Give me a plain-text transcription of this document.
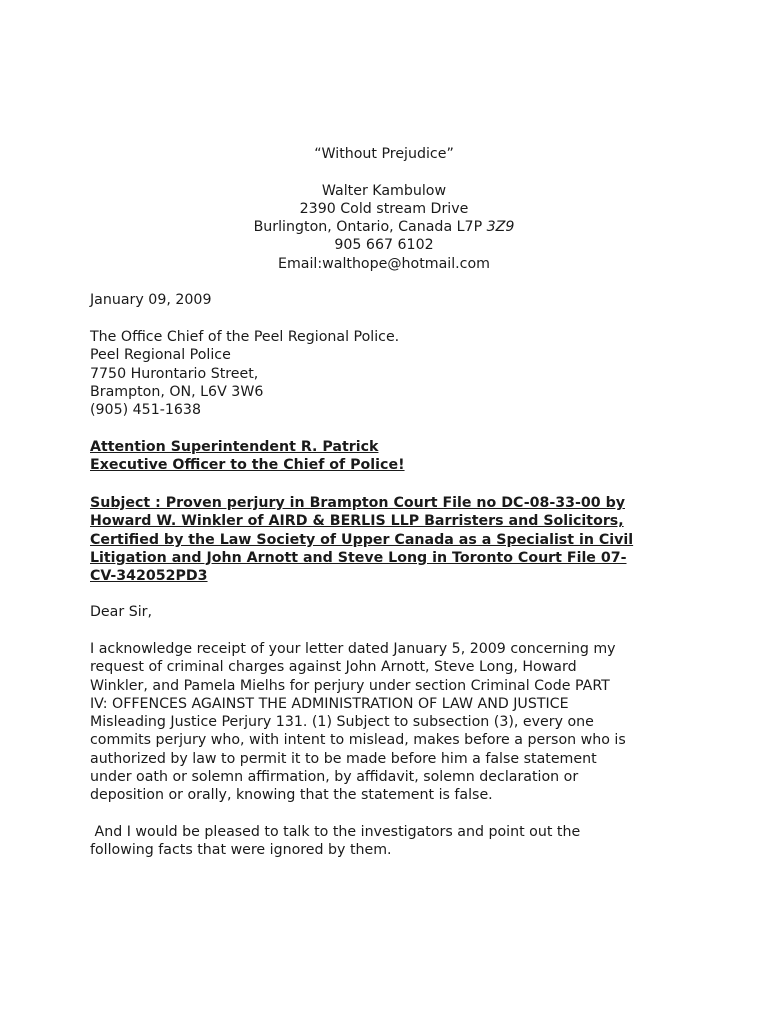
“Without Prejudice”
Walter Kambulow
2390 Cold stream Drive
Burlington, Ontario, Canada L7P 3Z9
905 667 6102
Email:walthope@hotmail.com
January 09, 2009
The Office Chief of the Peel Regional Police.
Peel Regional Police
7750 Hurontario Street,
Brampton, ON, L6V 3W6
(905) 451-1638
Attention Superintendent R. Patrick
Executive Officer to the Chief of Police!
Subject : Proven perjury in Brampton Court File no DC-08-33-00 by
Howard W. Winkler of AIRD & BERLIS LLP Barristers and Solicitors,
Certified by the Law Society of Upper Canada as a Specialist in Civil
Litigation and John Arnott and Steve Long in Toronto Court File 07-
CV-342052PD3
Dear Sir,
I acknowledge receipt of your letter dated January 5, 2009 concerning my
request of criminal charges against John Arnott, Steve Long, Howard
Winkler, and Pamela Mielhs for perjury under section Criminal Code PART
IV: OFFENCES AGAINST THE ADMINISTRATION OF LAW AND JUSTICE
Misleading Justice Perjury 131. (1) Subject to subsection (3), every one
commits perjury who, with intent to mislead, makes before a person who is
authorized by law to permit it to be made before him a false statement
under oath or solemn affirmation, by affidavit, solemn declaration or
deposition or orally, knowing that the statement is false.
And I would be pleased to talk to the investigators and point out the
following facts that were ignored by them.
